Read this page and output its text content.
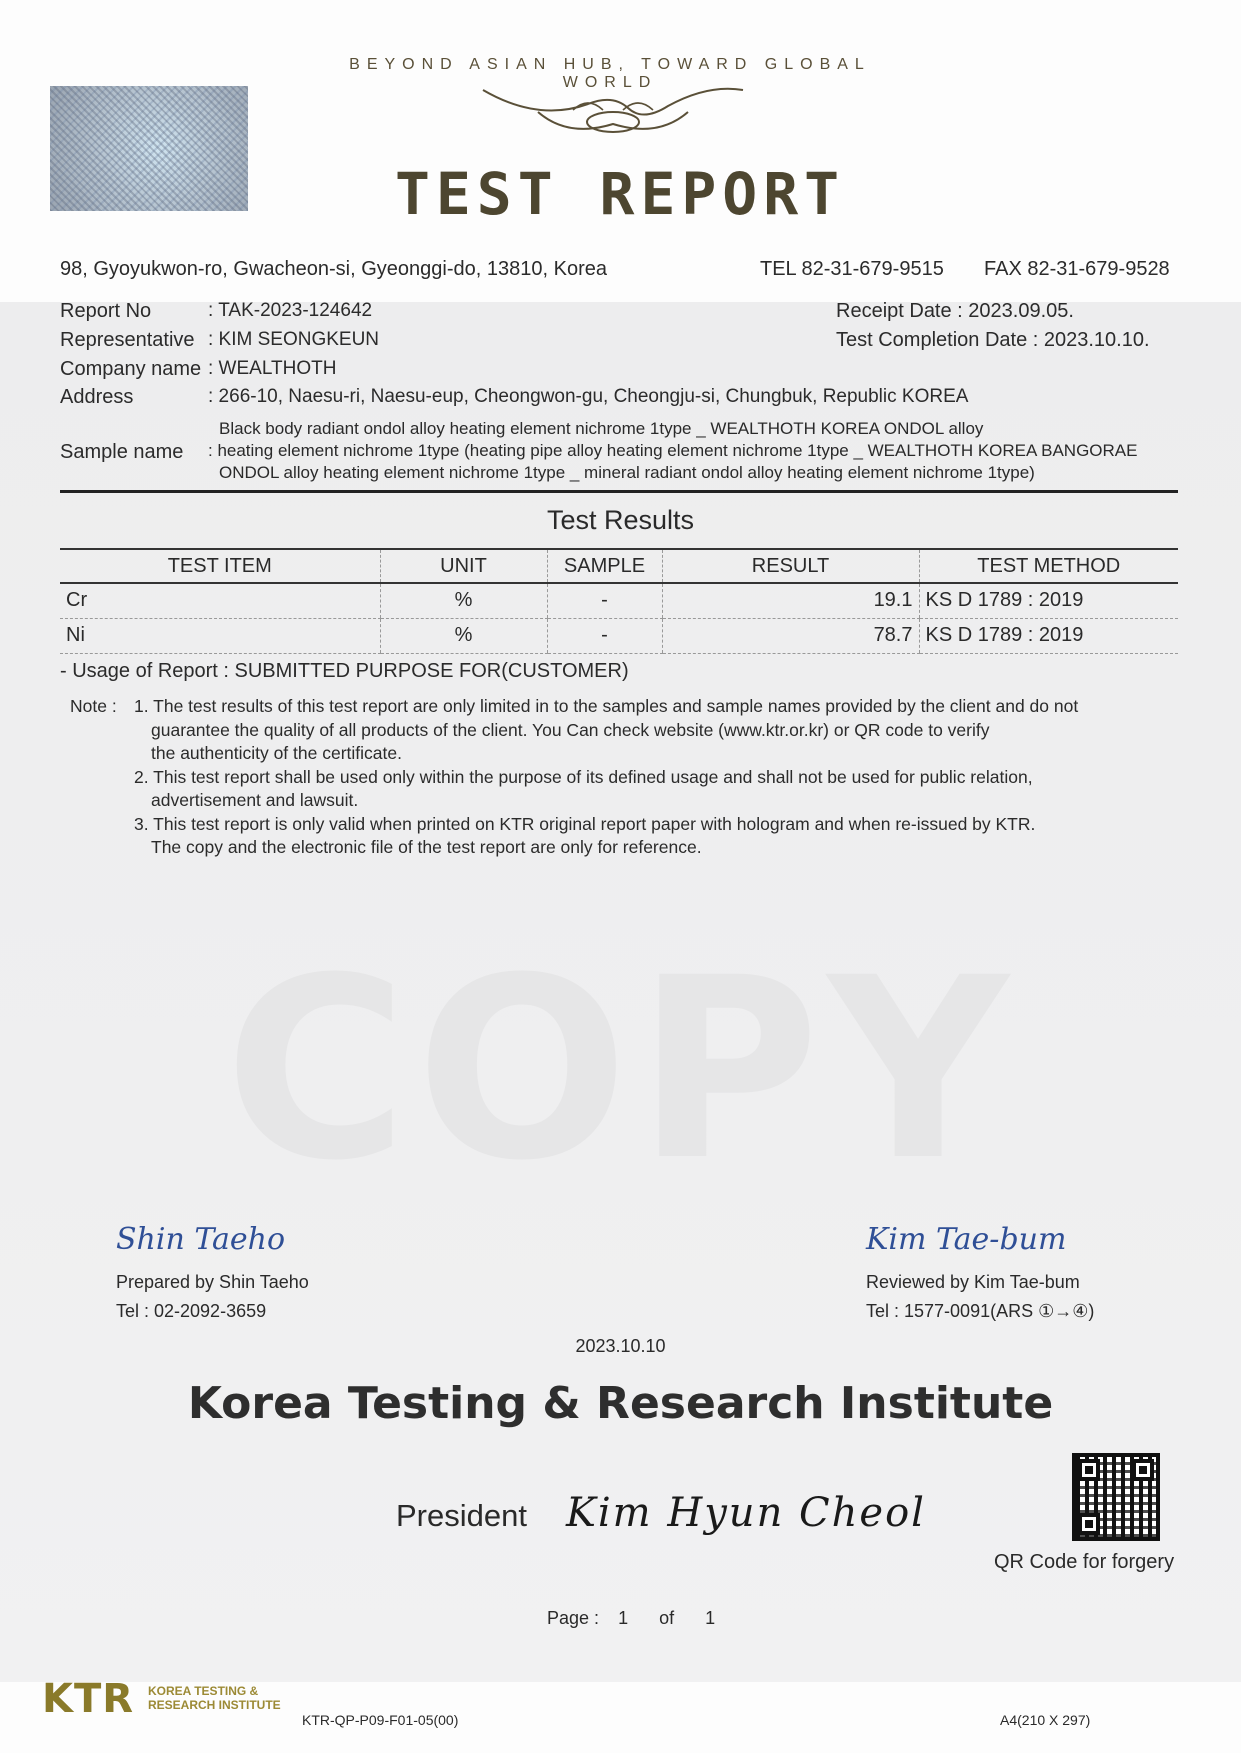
COPY
BEYOND ASIAN HUB, TOWARD GLOBAL WORLD
TEST REPORT
98, Gyoyukwon-ro, Gwacheon-si, Gyeonggi-do, 13810, Korea	TEL 82-31-679-9515 FAX 82-31-679-9528
Report No	: TAK-2023-124642
Representative : KIM SEONGKEUN
Company name : WEALTHOTH
Address	: 266-10, Naesu-ri, Naesu-eup, Cheongwon-gu, Cheongju-si, Chungbuk, Republic KOREA
Sample name
Black body radiant ondol alloy heating element nichrome 1type _ WEALTHOTH KOREA ONDOL alloy
: heating element nichrome 1type (heating pipe alloy heating element nichrome 1type _ WEALTHOTH KOREA BANGORAE
ONDOL alloy heating element nichrome 1type _ mineral radiant ondol alloy heating element nichrome 1type)
Receipt Date : 2023.09.05.
Test Completion Date : 2023.10.10.
Test Results
TEST ITEM	UNIT	SAMPLE	RESULT	TEST METHOD
Cr	%	-	19.1	KS D 1789 : 2019
Ni	%	-	78.7	KS D 1789 : 2019
- Usage of Report : SUBMITTED PURPOSE FOR(CUSTOMER)
Note : 1. The test results of this test report are only limited in to the samples and sample names provided by the client and do not
guarantee the quality of all products of the client. You Can check website (www.ktr.or.kr) or QR code to verify
the authenticity of the certificate.
2. This test report shall be used only within the purpose of its defined usage and shall not be used for public relation,
advertisement and lawsuit.
3. This test report is only valid when printed on KTR original report paper with hologram and when re-issued by KTR.
The copy and the electronic file of the test report are only for reference.
Shin Taeho
Prepared by Shin Taeho
Tel : 02-2092-3659
Kim Tae-bum
Reviewed by Kim Tae-bum
Tel : 1577-0091(ARS ①→④)
2023.10.10
Korea Testing & Research Institute
President Kim Hyun Cheol
QR Code for forgery
Page : 1 of 1
KTR KOREA TESTING &
RESEARCH INSTITUTE
KTR-QP-P09-F01-05(00)	A4(210 X 297)
